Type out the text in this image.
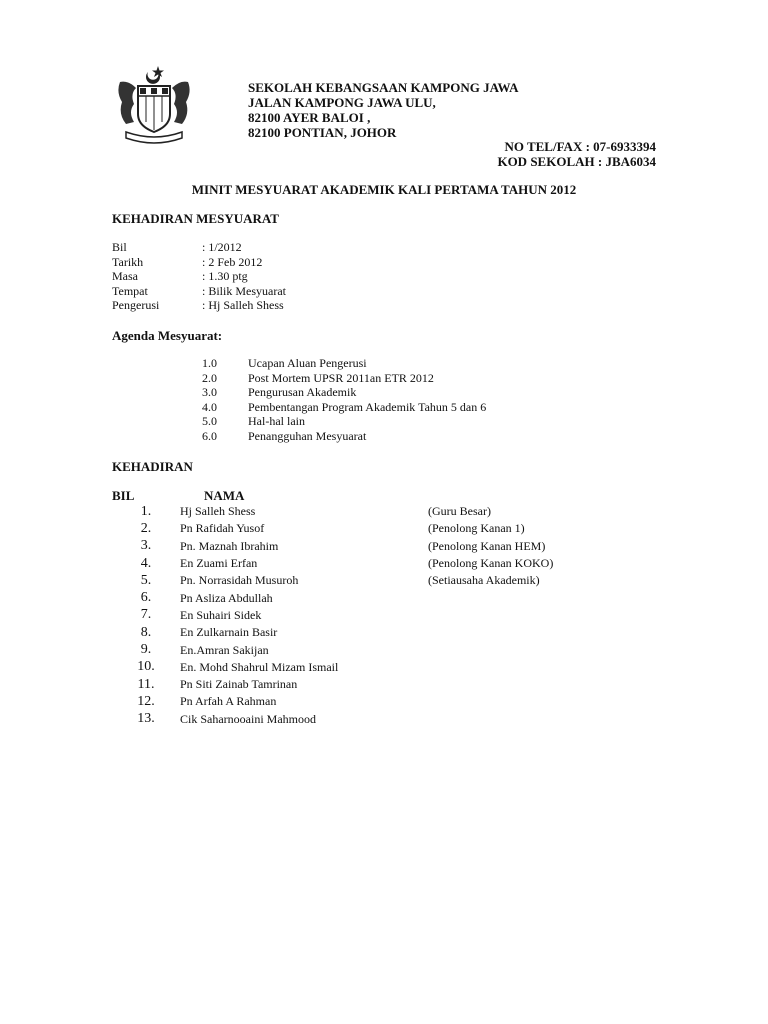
SEKOLAH KEBANGSAAN KAMPONG JAWA
JALAN KAMPONG JAWA ULU,
82100 AYER BALOI ,
82100 PONTIAN, JOHOR
NO TEL/FAX : 07-6933394
KOD SEKOLAH : JBA6034
MINIT MESYUARAT AKADEMIK KALI PERTAMA TAHUN 2012
KEHADIRAN MESYUARAT
Bil	: 1/2012
Tarikh	: 2 Feb 2012
Masa	: 1.30 ptg
Tempat	: Bilik Mesyuarat
Pengerusi	: Hj Salleh Shess
Agenda Mesyuarat:
1.0	Ucapan Aluan Pengerusi
2.0	Post Mortem UPSR 2011an ETR 2012
3.0	Pengurusan Akademik
4.0	Pembentangan Program Akademik Tahun 5 dan 6
5.0	Hal-hal lain
6.0	Penangguhan Mesyuarat
KEHADIRAN
BIL	NAMA
1.	Hj Salleh Shess	(Guru Besar)
2.	Pn Rafidah Yusof	(Penolong Kanan 1)
3.	Pn. Maznah Ibrahim	(Penolong Kanan HEM)
4.	En Zuami Erfan	(Penolong Kanan KOKO)
5.	Pn. Norrasidah Musuroh	(Setiausaha Akademik)
6.	Pn Asliza Abdullah
7.	En Suhairi Sidek
8.	En Zulkarnain Basir
9.	En.Amran Sakijan
10.	En. Mohd Shahrul Mizam Ismail
11.	Pn Siti Zainab Tamrinan
12.	Pn Arfah A Rahman
13.	Cik Saharnooaini Mahmood
